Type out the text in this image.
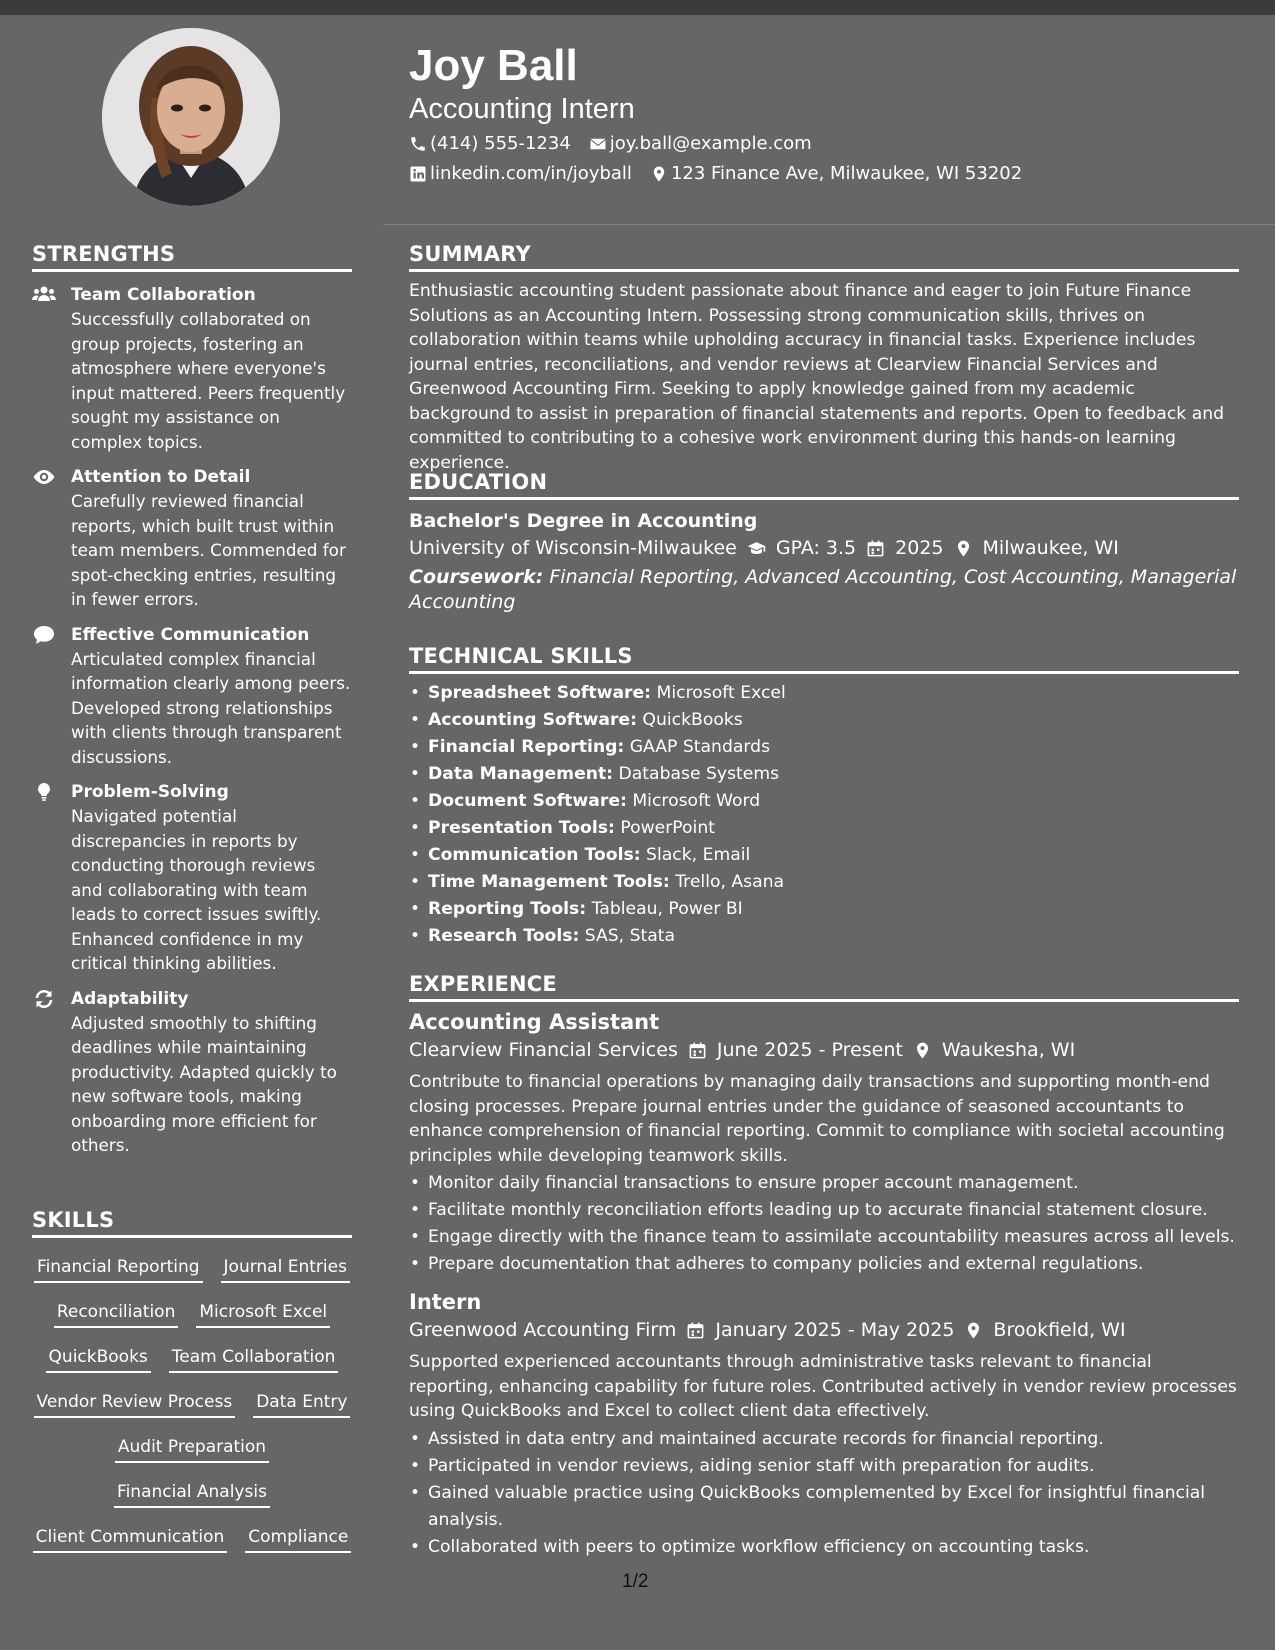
Joy Ball
Accounting Intern
(414) 555-1234 joy.ball@example.com
linkedin.com/in/joyball 123 Finance Ave, Milwaukee, WI 53202
STRENGTHS
Team Collaboration
Successfully collaborated on group projects, fostering an atmosphere where everyone's input mattered. Peers frequently sought my assistance on complex topics.
Attention to Detail
Carefully reviewed financial reports, which built trust within team members. Commended for spot-checking entries, resulting in fewer errors.
Effective Communication
Articulated complex financial information clearly among peers. Developed strong relationships with clients through transparent discussions.
Problem-Solving
Navigated potential discrepancies in reports by conducting thorough reviews and collaborating with team leads to correct issues swiftly. Enhanced confidence in my critical thinking abilities.
Adaptability
Adjusted smoothly to shifting deadlines while maintaining productivity. Adapted quickly to new software tools, making onboarding more efficient for others.
SKILLS
Financial Reporting Journal Entries
Reconciliation Microsoft Excel
QuickBooks Team Collaboration
Vendor Review Process Data Entry
Audit Preparation
Financial Analysis
Client Communication Compliance
SUMMARY
Enthusiastic accounting student passionate about finance and eager to join Future Finance Solutions as an Accounting Intern. Possessing strong communication skills, thrives on collaboration within teams while upholding accuracy in financial tasks. Experience includes journal entries, reconciliations, and vendor reviews at Clearview Financial Services and Greenwood Accounting Firm. Seeking to apply knowledge gained from my academic background to assist in preparation of financial statements and reports. Open to feedback and committed to contributing to a cohesive work environment during this hands-on learning experience.
EDUCATION
Bachelor's Degree in Accounting
University of Wisconsin-Milwaukee GPA: 3.5 2025 Milwaukee, WI
Coursework: Financial Reporting, Advanced Accounting, Cost Accounting, Managerial Accounting
TECHNICAL SKILLS
• Spreadsheet Software: Microsoft Excel
• Accounting Software: QuickBooks
• Financial Reporting: GAAP Standards
• Data Management: Database Systems
• Document Software: Microsoft Word
• Presentation Tools: PowerPoint
• Communication Tools: Slack, Email
• Time Management Tools: Trello, Asana
• Reporting Tools: Tableau, Power BI
• Research Tools: SAS, Stata
EXPERIENCE
Accounting Assistant
Clearview Financial Services June 2025 - Present Waukesha, WI
Contribute to financial operations by managing daily transactions and supporting month-end closing processes. Prepare journal entries under the guidance of seasoned accountants to enhance comprehension of financial reporting. Commit to compliance with societal accounting principles while developing teamwork skills.
• Monitor daily financial transactions to ensure proper account management.
• Facilitate monthly reconciliation efforts leading up to accurate financial statement closure.
• Engage directly with the finance team to assimilate accountability measures across all levels.
• Prepare documentation that adheres to company policies and external regulations.
Intern
Greenwood Accounting Firm January 2025 - May 2025 Brookfield, WI
Supported experienced accountants through administrative tasks relevant to financial reporting, enhancing capability for future roles. Contributed actively in vendor review processes using QuickBooks and Excel to collect client data effectively.
• Assisted in data entry and maintained accurate records for financial reporting.
• Participated in vendor reviews, aiding senior staff with preparation for audits.
• Gained valuable practice using QuickBooks complemented by Excel for insightful financial analysis.
• Collaborated with peers to optimize workflow efficiency on accounting tasks.
1/2
